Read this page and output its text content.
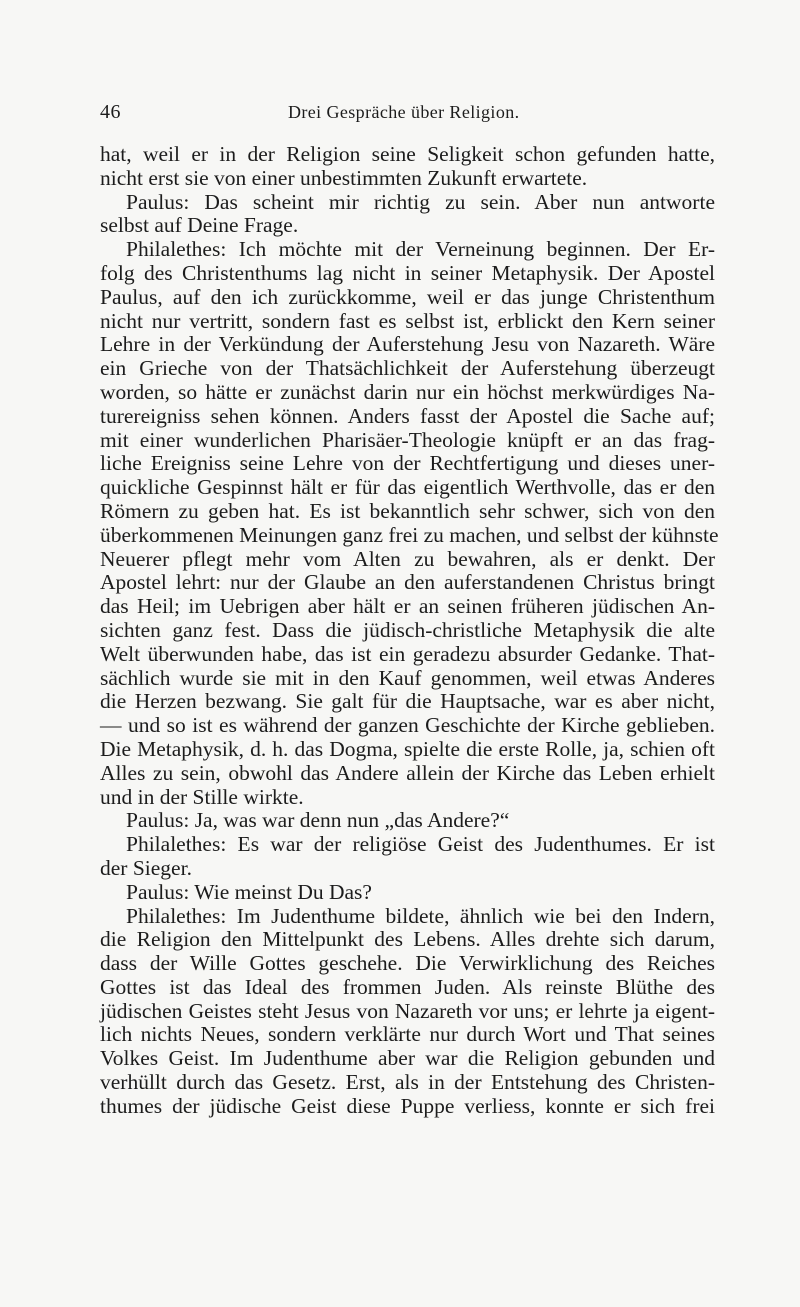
46	Drei Gespräche über Religion.
hat, weil er in der Religion seine Seligkeit schon gefunden hatte,
nicht erst sie von einer unbestimmten Zukunft erwartete.
Paulus: Das scheint mir richtig zu sein. Aber nun antworte
selbst auf Deine Frage.
Philalethes: Ich möchte mit der Verneinung beginnen. Der Er-
folg des Christenthums lag nicht in seiner Metaphysik. Der Apostel
Paulus, auf den ich zurückkomme, weil er das junge Christenthum
nicht nur vertritt, sondern fast es selbst ist, erblickt den Kern seiner
Lehre in der Verkündung der Auferstehung Jesu von Nazareth. Wäre
ein Grieche von der Thatsächlichkeit der Auferstehung überzeugt
worden, so hätte er zunächst darin nur ein höchst merkwürdiges Na-
turereigniss sehen können. Anders fasst der Apostel die Sache auf;
mit einer wunderlichen Pharisäer-Theologie knüpft er an das frag-
liche Ereigniss seine Lehre von der Rechtfertigung und dieses uner-
quickliche Gespinnst hält er für das eigentlich Werthvolle, das er den
Römern zu geben hat. Es ist bekanntlich sehr schwer, sich von den
überkommenen Meinungen ganz frei zu machen, und selbst der kühnste
Neuerer pflegt mehr vom Alten zu bewahren, als er denkt. Der
Apostel lehrt: nur der Glaube an den auferstandenen Christus bringt
das Heil; im Uebrigen aber hält er an seinen früheren jüdischen An-
sichten ganz fest. Dass die jüdisch-christliche Metaphysik die alte
Welt überwunden habe, das ist ein geradezu absurder Gedanke. That-
sächlich wurde sie mit in den Kauf genommen, weil etwas Anderes
die Herzen bezwang. Sie galt für die Hauptsache, war es aber nicht,
— und so ist es während der ganzen Geschichte der Kirche geblieben.
Die Metaphysik, d. h. das Dogma, spielte die erste Rolle, ja, schien oft
Alles zu sein, obwohl das Andere allein der Kirche das Leben erhielt
und in der Stille wirkte.
Paulus: Ja, was war denn nun „das Andere?“
Philalethes: Es war der religiöse Geist des Judenthumes. Er ist
der Sieger.
Paulus: Wie meinst Du Das?
Philalethes: Im Judenthume bildete, ähnlich wie bei den Indern,
die Religion den Mittelpunkt des Lebens. Alles drehte sich darum,
dass der Wille Gottes geschehe. Die Verwirklichung des Reiches
Gottes ist das Ideal des frommen Juden. Als reinste Blüthe des
jüdischen Geistes steht Jesus von Nazareth vor uns; er lehrte ja eigent-
lich nichts Neues, sondern verklärte nur durch Wort und That seines
Volkes Geist. Im Judenthume aber war die Religion gebunden und
verhüllt durch das Gesetz. Erst, als in der Entstehung des Christen-
thumes der jüdische Geist diese Puppe verliess, konnte er sich frei
